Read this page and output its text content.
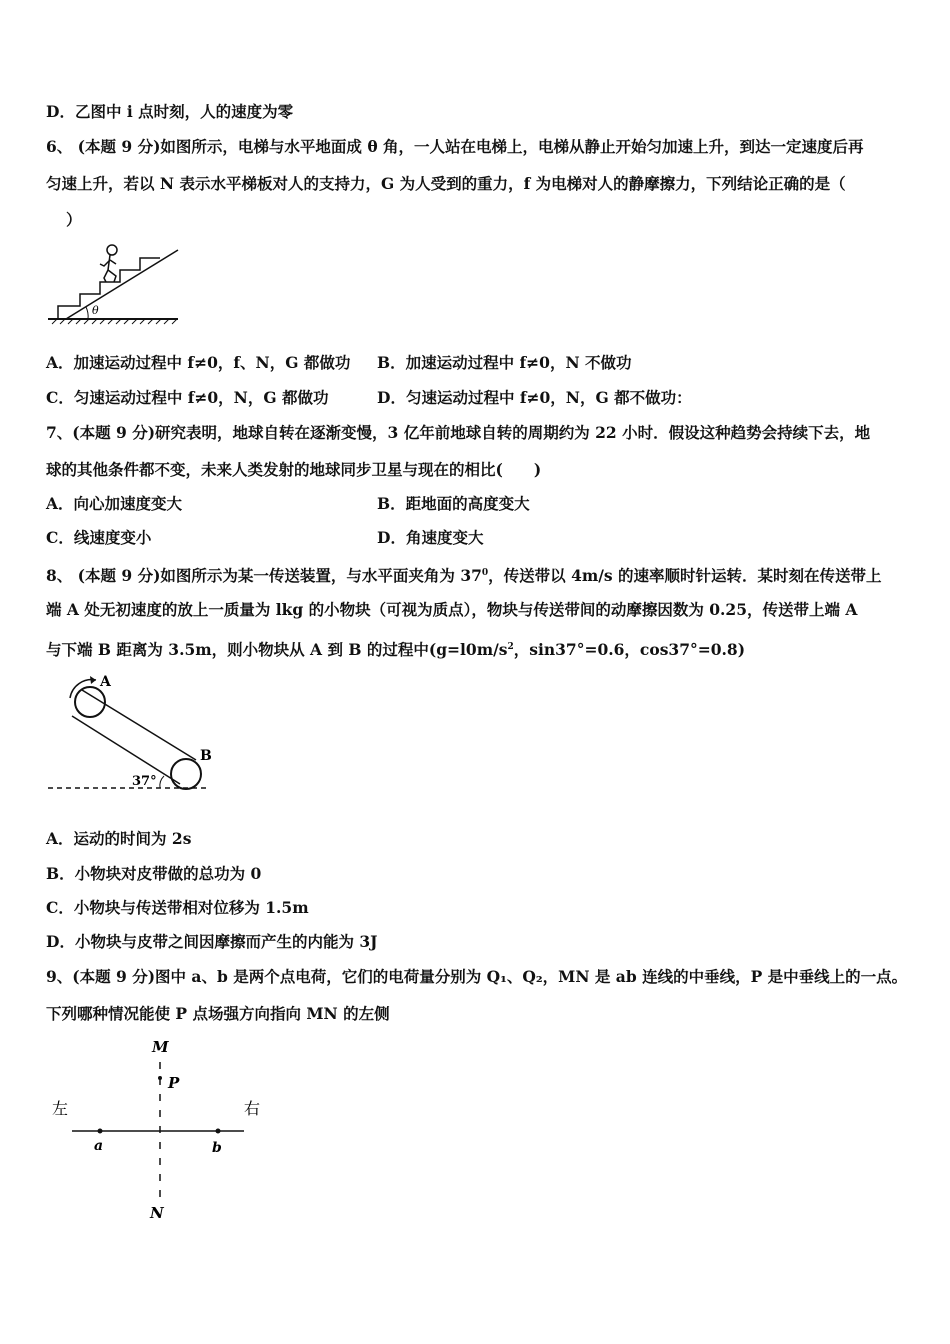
D．乙图中 i 点时刻，人的速度为零
6、 (本题 9 分)如图所示，电梯与水平地面成 θ 角，一人站在电梯上，电梯从静止开始匀加速上升，到达一定速度后再
匀速上升，若以 N 表示水平梯板对人的支持力，G 为人受到的重力，f 为电梯对人的静摩擦力，下列结论正确的是（
）
θ
A．加速运动过程中 f≠0，f、N，G 都做功 B．加速运动过程中 f≠0，N 不做功
C．匀速运动过程中 f≠0，N，G 都做功	D．匀速运动过程中 f≠0，N，G 都不做功：
7、(本题 9 分)研究表明，地球自转在逐渐变慢，3 亿年前地球自转的周期约为 22 小时．假设这种趋势会持续下去，地
球的其他条件都不变，未来人类发射的地球同步卫星与现在的相比(　　)
A．向心加速度变大	B．距地面的高度变大
C．线速度变小	D．角速度变大
8、 (本题 9 分)如图所示为某一传送装置，与水平面夹角为 $37^0$，传送带以 4m/s 的速率顺时针运转．某时刻在传送带上
端 A 处无初速度的放上一质量为 lkg 的小物块（可视为质点），物块与传送带间的动摩擦因数为 0.25，传送带上端 A
与下端 B 距离为 3.5m，则小物块从 A 到 B 的过程中($g=l0m/s^2$，sin37°=0.6，cos37°=0.8)
A
B
37°
A．运动的时间为 2s
B．小物块对皮带做的总功为 0
C．小物块与传送带相对位移为 1.5m
D．小物块与皮带之间因摩擦而产生的内能为 3J
9、(本题 9 分)图中 a、b 是两个点电荷，它们的电荷量分别为 Q₁、Q₂，MN 是 ab 连线的中垂线，P 是中垂线上的一点。
下列哪种情况能使 P 点场强方向指向 MN 的左侧
M
N
P
a	b
左	右
